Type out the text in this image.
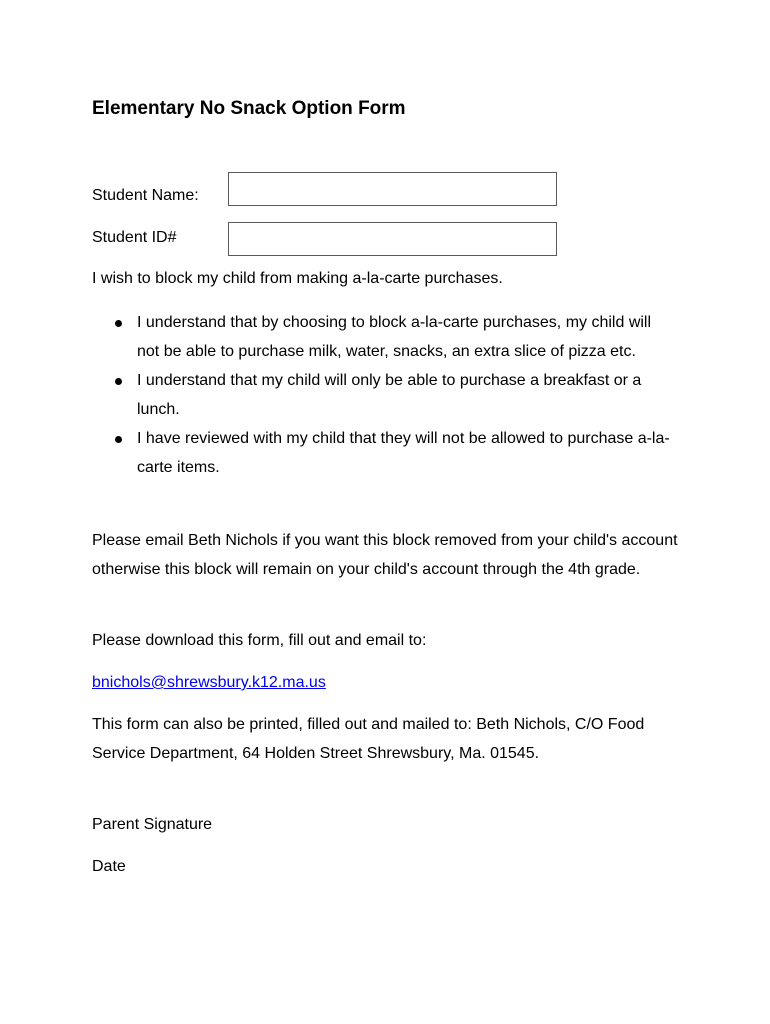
Elementary No Snack Option Form
Student Name:
Student ID#

I wish to block my child from making a-la-carte purchases.

I understand that by choosing to block a-la-carte purchases, my child will not be able to purchase milk, water, snacks, an extra slice of pizza etc.
I understand that my child will only be able to purchase a breakfast or a lunch.
I have reviewed with my child that they will not be allowed to purchase a-la-carte items.

Please email Beth Nichols if you want this block removed from your child's account otherwise this block will remain on your child's account through the 4th grade.

Please download this form, fill out and email to:

bnichols@shrewsbury.k12.ma.us

This form can also be printed, filled out and mailed to: Beth Nichols, C/O Food Service Department, 64 Holden Street Shrewsbury, Ma. 01545.

Parent Signature

Date
